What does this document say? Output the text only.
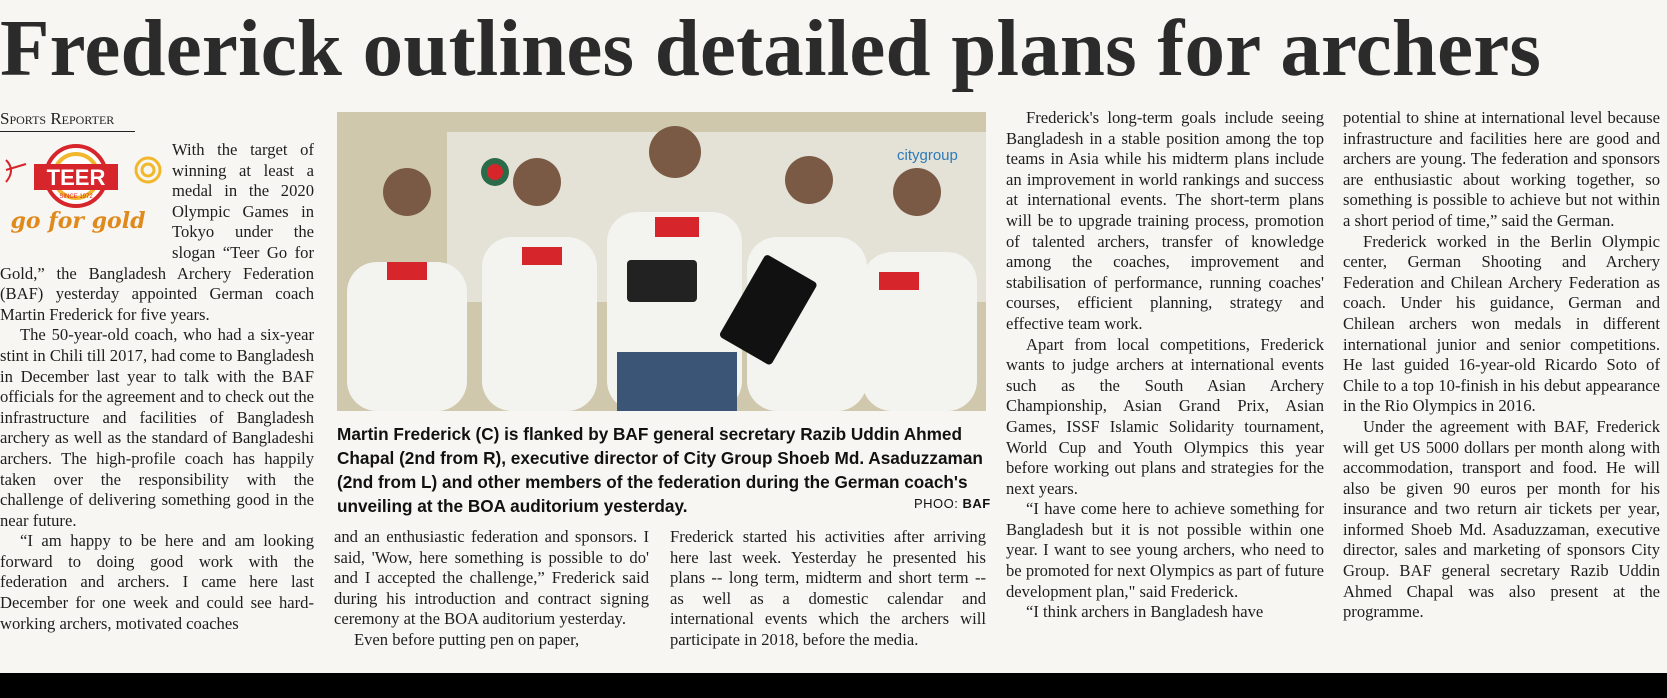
Frederick outlines detailed plans for archers
Sports Reporter
TEER
SINCE 1972
go for gold

With the target of winning at least a medal in the 2020 Olympic Games in Tokyo under the slogan “Teer Go for Gold,” the Bangladesh Archery Federation (BAF) yesterday appointed German coach Martin Frederick for five years.

The 50-year-old coach, who had a six-year stint in Chili till 2017, had come to Bangladesh in December last year to talk with the BAF officials for the agreement and to check out the infrastructure and facilities of Bangladesh archery as well as the standard of Bangladeshi archers. The high-profile coach has happily taken over the responsibility with the challenge of delivering something good in the near future.

“I am happy to be here and am looking forward to doing good work with the federation and archers. I came here last December for one week and could see hard-working archers, motivated coaches

citygroup
Martin Frederick (C) is flanked by BAF general secretary Razib Uddin Ahmed Chapal (2nd from R), executive director of City Group Shoeb Md. Asaduzzaman (2nd from L) and other members of the federation during the German coach's unveiling at the BOA auditorium yesterday.	PHOO: BAF

and an enthusiastic federation and sponsors. I said, 'Wow, here something is possible to do' and I accepted the challenge,” Frederick said during his introduction and contract signing ceremony at the BOA auditorium yesterday.

Even before putting pen on paper,

Frederick started his activities after arriving here last week. Yesterday he presented his plans -- long term, midterm and short term -- as well as a domestic calendar and international events which the archers will participate in 2018, before the media.

Frederick's long-term goals include seeing Bangladesh in a stable position among the top teams in Asia while his midterm plans include an improvement in world rankings and success at international events. The short-term plans will be to upgrade training process, promotion of talented archers, transfer of knowledge among the coaches, improvement and stabilisation of performance, running coaches' courses, efficient planning, strategy and effective team work.

Apart from local competitions, Frederick wants to judge archers at international events such as the South Asian Archery Championship, Asian Grand Prix, Asian Games, ISSF Islamic Solidarity tournament, World Cup and Youth Olympics this year before working out plans and strategies for the next years.

“I have come here to achieve something for Bangladesh but it is not possible within one year. I want to see young archers, who need to be promoted for next Olympics as part of future development plan," said Frederick.

“I think archers in Bangladesh have

potential to shine at international level because infrastructure and facilities here are good and archers are young. The federation and sponsors are enthusiastic about working together, so something is possible to achieve but not within a short period of time,” said the German.

Frederick worked in the Berlin Olympic center, German Shooting and Archery Federation and Chilean Archery Federation as coach. Under his guidance, German and Chilean archers won medals in different international junior and senior competitions. He last guided 16-year-old Ricardo Soto of Chile to a top 10-finish in his debut appearance in the Rio Olympics in 2016.

Under the agreement with BAF, Frederick will get US 5000 dollars per month along with accommodation, transport and food. He will also be given 90 euros per month for his insurance and two return air tickets per year, informed Shoeb Md. Asaduzzaman, executive director, sales and marketing of sponsors City Group. BAF general secretary Razib Uddin Ahmed Chapal was also present at the programme.
